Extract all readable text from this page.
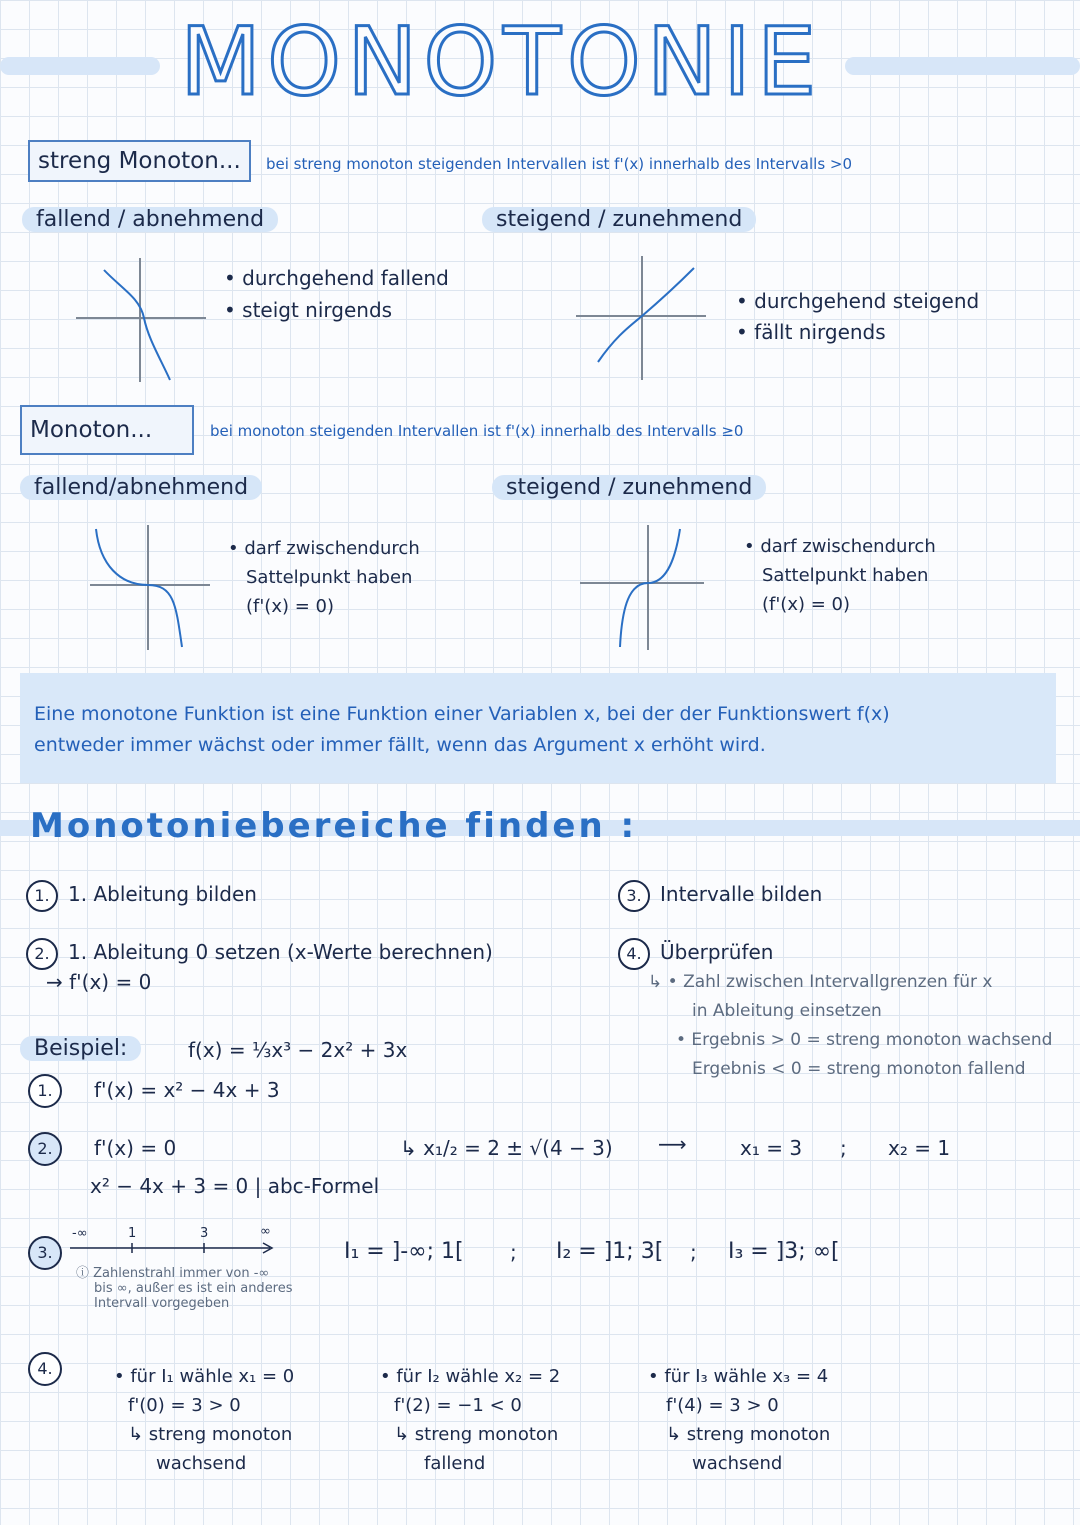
MONOTONIE
streng Monoton...	bei streng monoton steigenden Intervallen ist f'(x) innerhalb des Intervalls >0
fallend / abnehmend	steigend / zunehmend
• durchgehend fallend
• steigt nirgends	• durchgehend steigend
• fällt nirgends
Monoton...	bei monoton steigenden Intervallen ist f'(x) innerhalb des Intervalls ≥0
fallend/abnehmend	steigend / zunehmend
• darf zwischendurch
Sattelpunkt haben
(f'(x) = 0)
• darf zwischendurch
Sattelpunkt haben
(f'(x) = 0)
Eine monotone Funktion ist eine Funktion einer Variablen x, bei der der Funktionswert f(x)
entweder immer wächst oder immer fällt, wenn das Argument x erhöht wird.
Monotoniebereiche finden :
1. 1. Ableitung bilden
2. 1. Ableitung 0 setzen (x-Werte berechnen)
→ f'(x) = 0
3. Intervalle bilden
4. Überprüfen
↳ • Zahl zwischen Intervallgrenzen für x
in Ableitung einsetzen
• Ergebnis > 0 = streng monoton wachsend
Ergebnis < 0 = streng monoton fallend
Beispiel:	f(x) = ⅓x³ − 2x² + 3x
1.	f'(x) = x² − 4x + 3
2.	f'(x) = 0
x² − 4x + 3 = 0 | abc-Formel
↳ x₁/₂ = 2 ± √(4 − 3) ⟶	x₁ = 3 ; x₂ = 1
3.
-∞	1	3	∞
ⓘ Zahlenstrahl immer von -∞
bis ∞, außer es ist ein anderes
Intervall vorgegeben
I₁ = ]-∞; 1[ ; I₂ = ]1; 3[ ; I₃ = ]3; ∞[
4.	• für I₁ wähle x₁ = 0
f'(0) = 3 > 0
↳ streng monoton
wachsend
• für I₂ wähle x₂ = 2
f'(2) = −1 < 0
↳ streng monoton
fallend
• für I₃ wähle x₃ = 4
f'(4) = 3 > 0
↳ streng monoton
wachsend
